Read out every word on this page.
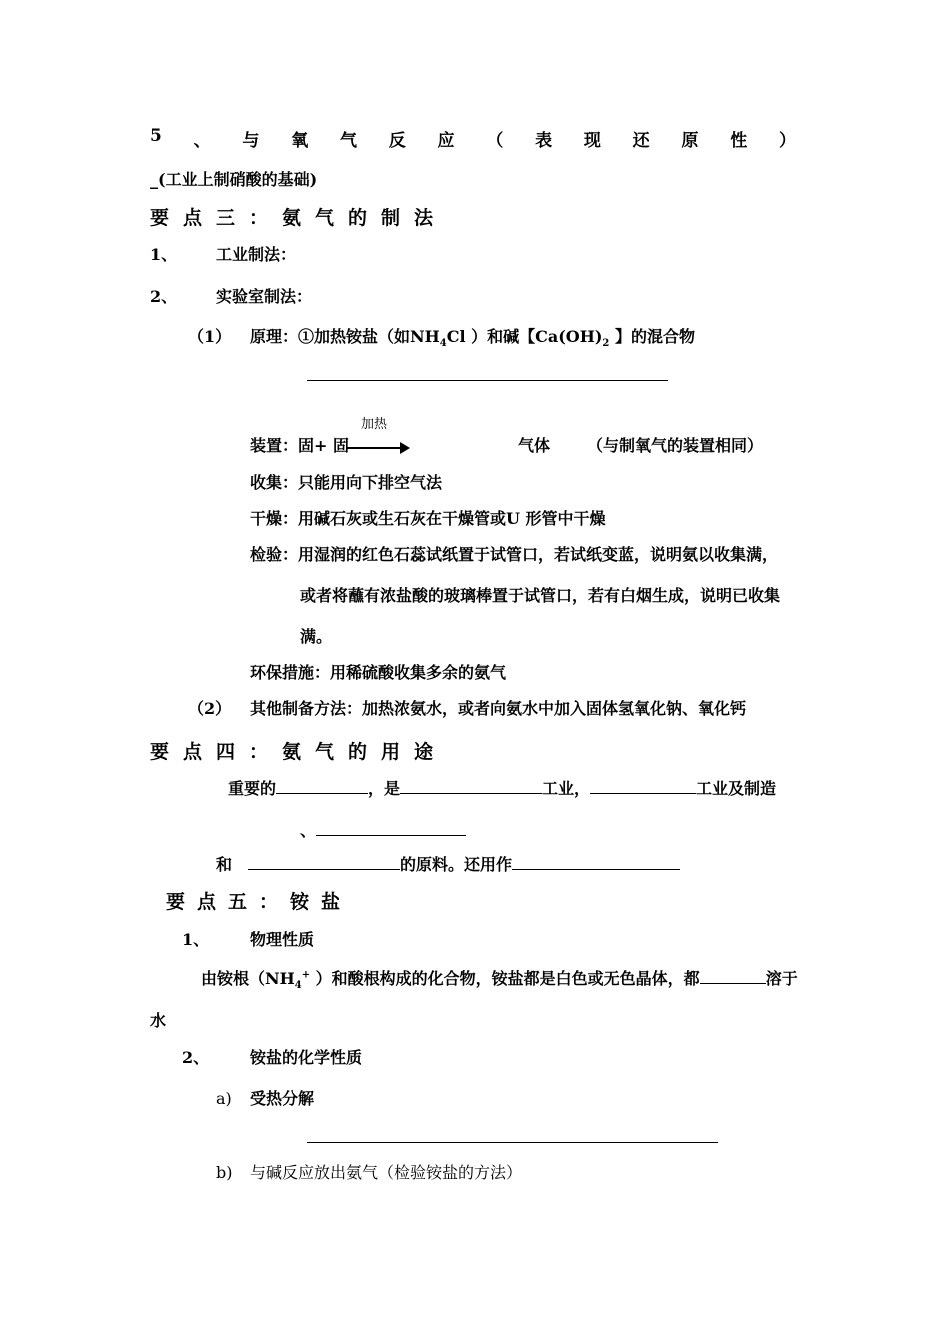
5 、 与 氧 气 反 应 （ 表 现 还 原 性 ）
_(工业上制硝酸的基础)
要点三：氨气的制法
1、 工业制法：
2、 实验室制法：
（1） 原理：①加热铵盐（如$NH_4Cl$ ）和碱【$Ca(OH)_2$ 】的混合物
加热
装置：固+ 固	气体 （与制氧气的装置相同）
收集：只能用向下排空气法
干燥：用碱石灰或生石灰在干燥管或U 形管中干燥
检验：用湿润的红色石蕊试纸置于试管口，若试纸变蓝，说明氨以收集满，
或者将蘸有浓盐酸的玻璃棒置于试管口，若有白烟生成，说明已收集
满。
环保措施：用稀硫酸收集多余的氨气
（2） 其他制备方法：加热浓氨水，或者向氨水中加入固体氢氧化钠、氧化钙
要点四：氨气的用途
重要的	，是	工业，	工业及制造
、
和	的原料。还用作
要点五：铵盐
1、	物理性质
由铵根（$NH_4^+$ ）和酸根构成的化合物，铵盐都是白色或无色晶体，都	溶于
水
2、	铵盐的化学性质
a) 受热分解
b) 与碱反应放出氨气（检验铵盐的方法）
